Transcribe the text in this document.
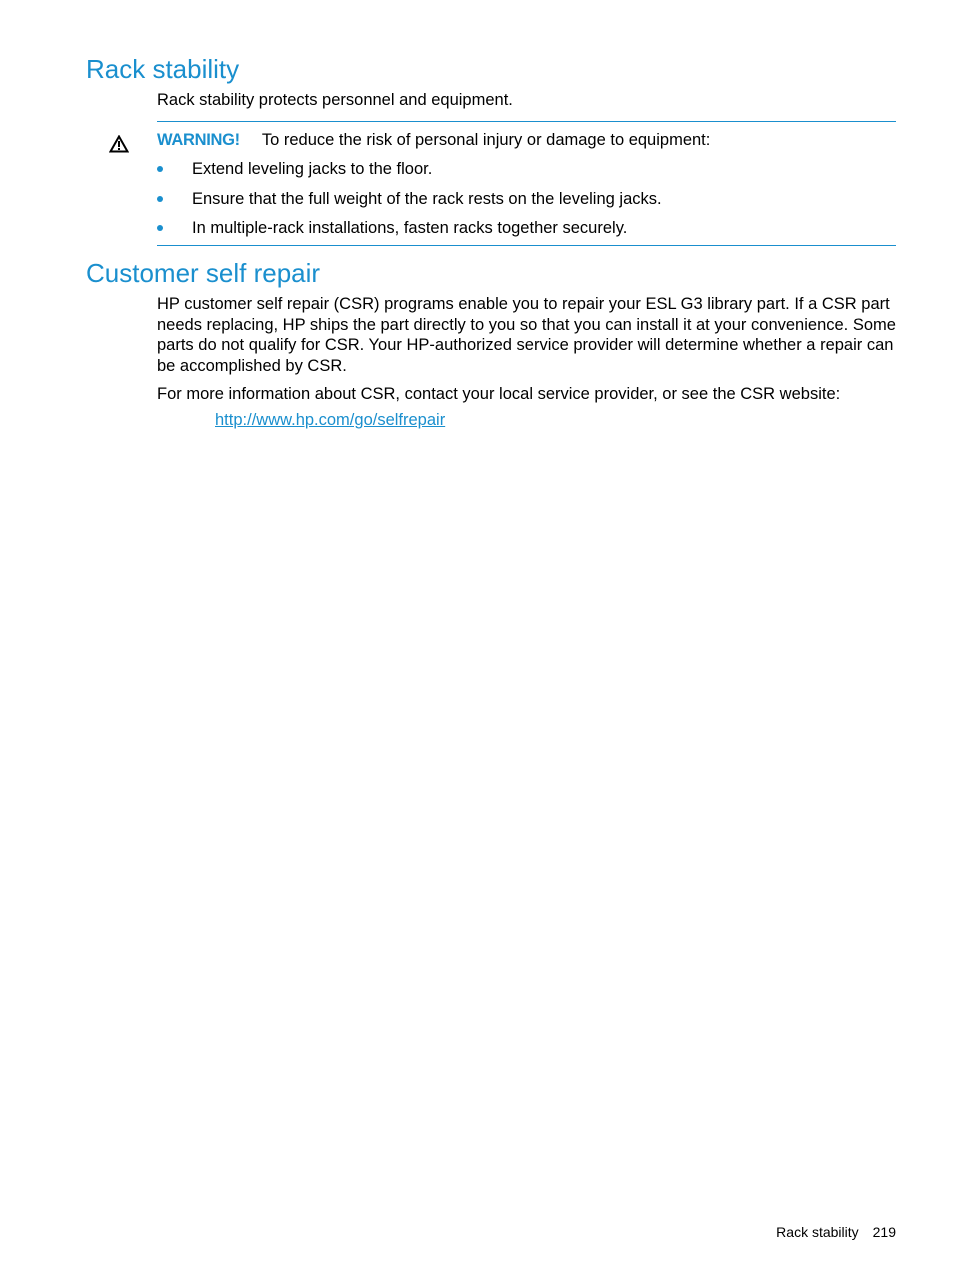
Rack stability

Rack stability protects personnel and equipment.

WARNING! To reduce the risk of personal injury or damage to equipment:
Extend leveling jacks to the floor.
Ensure that the full weight of the rack rests on the leveling jacks.
In multiple-rack installations, fasten racks together securely.
Customer self repair

HP customer self repair (CSR) programs enable you to repair your ESL G3 library part. If a CSR part needs replacing, HP ships the part directly to you so that you can install it at your convenience. Some parts do not qualify for CSR. Your HP-authorized service provider will determine whether a repair can be accomplished by CSR.

For more information about CSR, contact your local service provider, or see the CSR website:

http://www.hp.com/go/selfrepair
Rack stability 219
